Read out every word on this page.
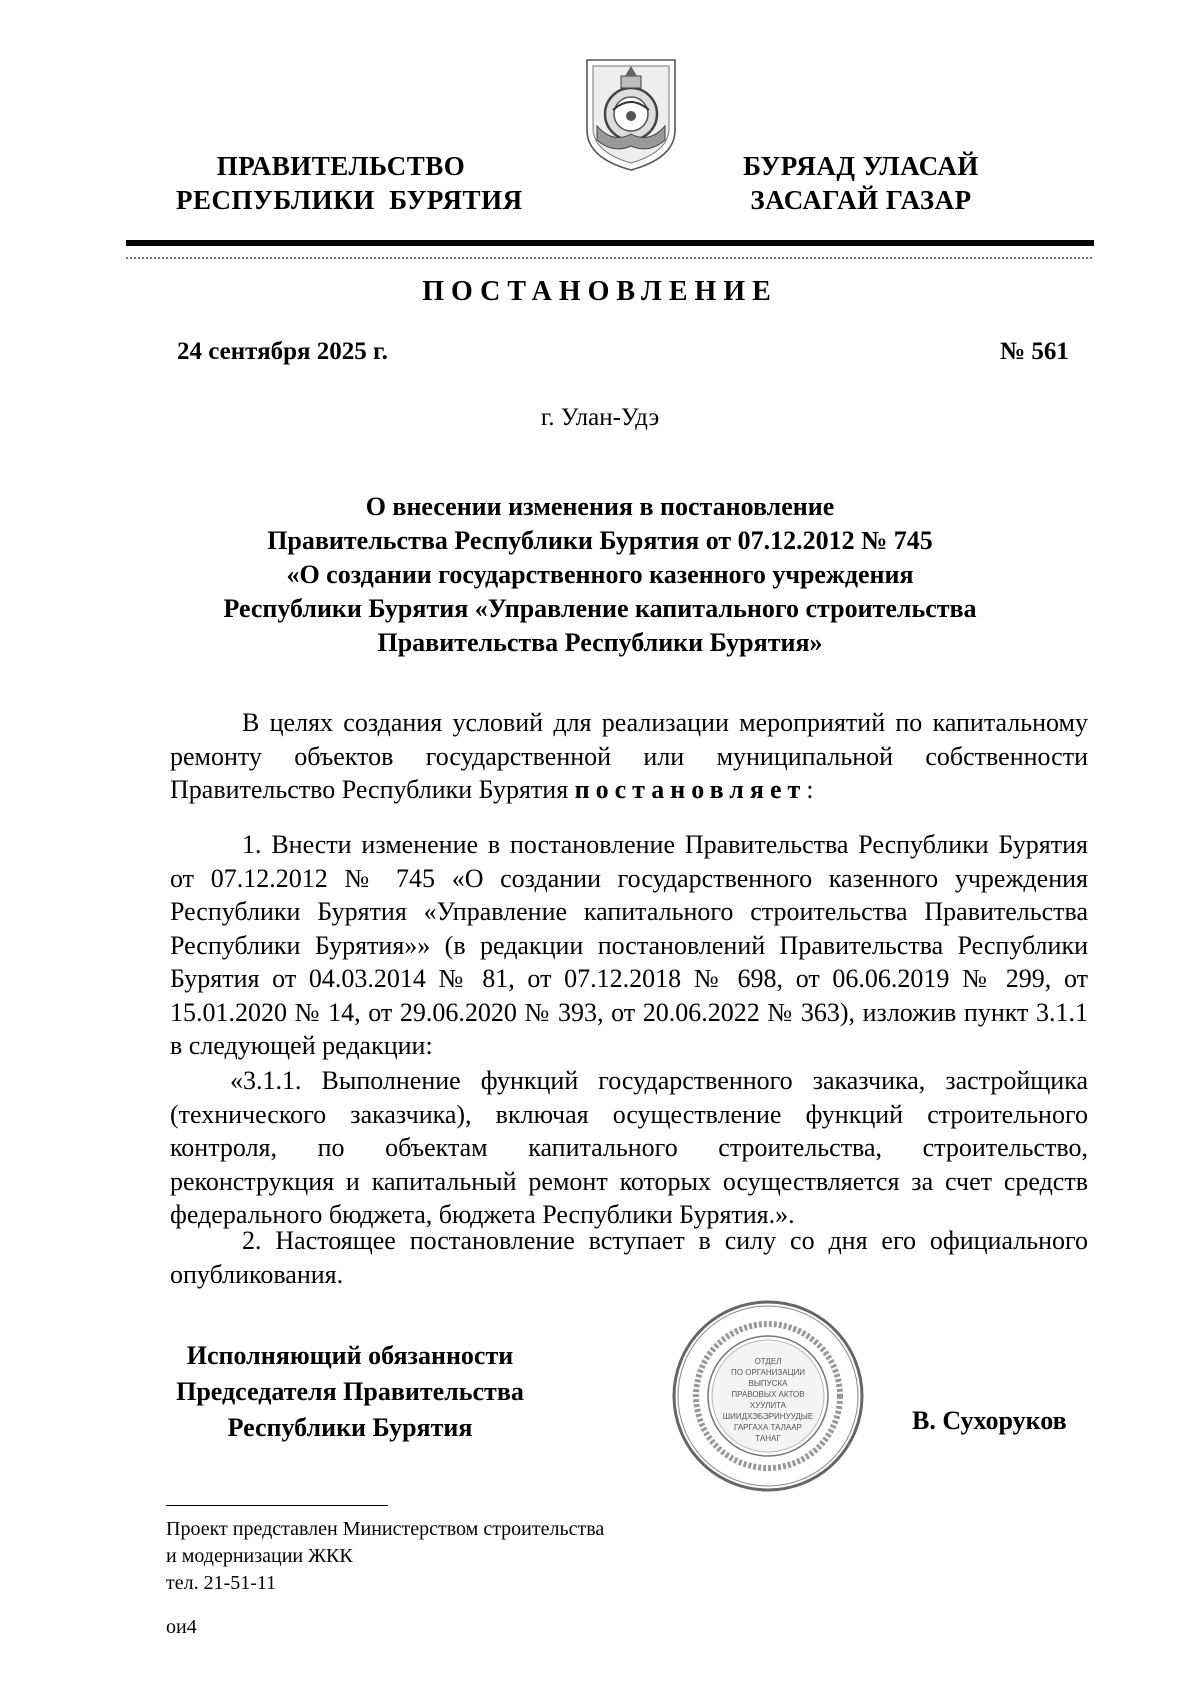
ПРАВИТЕЛЬСТВО
РЕСПУБЛИКИ  БУРЯТИЯ
БУРЯАД УЛАСАЙ
ЗАСАГАЙ ГАЗАР
ПОСТАНОВЛЕНИЕ
24 сентября 2025 г.	№ 561
г. Улан-Удэ
О внесении изменения в постановление
Правительства Республики Бурятия от 07.12.2012 № 745
«О создании государственного казенного учреждения
Республики Бурятия «Управление капитального строительства
Правительства Республики Бурятия»
В целях создания условий для реализации мероприятий по капитальному ремонту объектов государственной или муниципальной собственности Правительство Республики Бурятия постановляет:
1. Внести изменение в постановление Правительства Республики Бурятия от 07.12.2012 № 745 «О создании государственного казенного учреждения Республики Бурятия «Управление капитального строительства Правительства Республики Бурятия»» (в редакции постановлений Правительства Республики Бурятия от 04.03.2014 № 81, от 07.12.2018 № 698, от 06.06.2019 № 299, от 15.01.2020 № 14, от 29.06.2020 № 393, от 20.06.2022 № 363), изложив пункт 3.1.1 в следующей редакции:
«3.1.1. Выполнение функций государственного заказчика, застройщика (технического заказчика), включая осуществление функций строительного контроля, по объектам капитального строительства, строительство, реконструкция и капитальный ремонт которых осуществляется за счет средств федерального бюджета, бюджета Республики Бурятия.».
2. Настоящее постановление вступает в силу со дня его официального опубликования.
ОТДЕЛ
ПО ОРГАНИЗАЦИИ
ВЫПУСКА
ПРАВОВЫХ АКТОВ
ХУУЛИТА
ШИИДХЭБЭРИНУУДЫЕ
ГАРГАХА ТАЛААР
ТАНАГ
Исполняющий обязанности
Председателя Правительства
Республики Бурятия	В. Сухоруков
Проект представлен Министерством строительства
и модернизации ЖКК
тел. 21-51-11
ои4
